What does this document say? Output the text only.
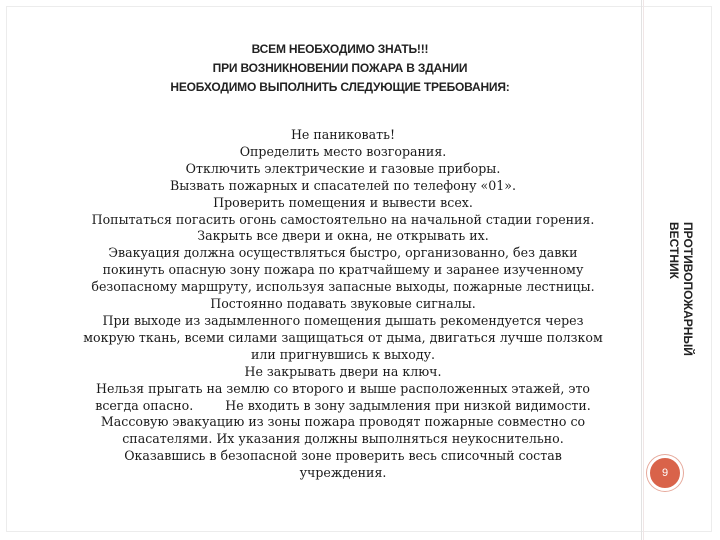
ВСЕМ НЕОБХОДИМО ЗНАТЬ!!!
ПРИ ВОЗНИКНОВЕНИИ ПОЖАРА В ЗДАНИИ
НЕОБХОДИМО ВЫПОЛНИТЬ СЛЕДУЮЩИЕ ТРЕБОВАНИЯ:
Не паниковать!
Определить место возгорания.
Отключить электрические и газовые приборы.
Вызвать пожарных и спасателей по телефону «01».
Проверить помещения и вывести всех.
Попытаться погасить огонь самостоятельно на начальной стадии горения.
Закрыть все двери и окна, не открывать их.
Эвакуация должна осуществляться быстро, организованно, без давки
покинуть опасную зону пожара по кратчайшему и заранее изученному
безопасному маршруту, используя запасные выходы, пожарные лестницы.
Постоянно подавать звуковые сигналы.
При выходе из задымленного помещения дышать рекомендуется через
мокрую ткань, всеми силами защищаться от дыма, двигаться лучше ползком
или пригнувшись к выходу.
Не закрывать двери на ключ.
Нельзя прыгать на землю со второго и выше расположенных этажей, это
всегда опасно.        Не входить в зону задымления при низкой видимости.
Массовую эвакуацию из зоны пожара проводят пожарные совместно со
спасателями. Их указания должны выполняться неукоснительно.
Оказавшись в безопасной зоне проверить весь списочный состав
учреждения.
ПРОТИВОПОЖАРНЫЙ
ВЕСТНИК
9
